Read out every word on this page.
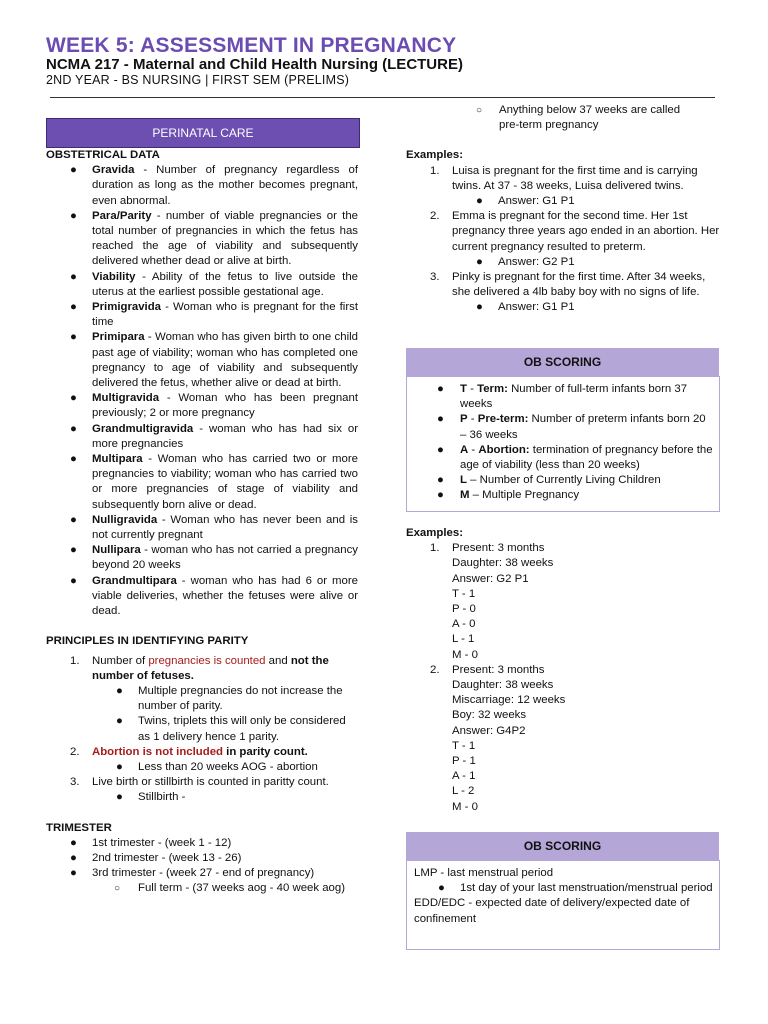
WEEK 5: ASSESSMENT IN PREGNANCY
NCMA 217 - Maternal and Child Health Nursing (LECTURE)
2ND YEAR - BS NURSING | FIRST SEM (PRELIMS)
PERINATAL CARE
OBSTETRICAL DATA
● Gravida - Number of pregnancy regardless of duration as long as the mother becomes pregnant, even abnormal.
● Para/Parity - number of viable pregnancies or the total number of pregnancies in which the fetus has reached the age of viability and subsequently delivered whether dead or alive at birth.
● Viability - Ability of the fetus to live outside the uterus at the earliest possible gestational age.
● Primigravida - Woman who is pregnant for the first time
● Primipara - Woman who has given birth to one child past age of viability; woman who has completed one pregnancy to age of viability and subsequently delivered the fetus, whether alive or dead at birth.
● Multigravida - Woman who has been pregnant previously; 2 or more pregnancy
● Grandmultigravida - woman who has had six or more pregnancies
● Multipara - Woman who has carried two or more pregnancies to viability; woman who has carried two or more pregnancies of stage of viability and subsequently born alive or dead.
● Nulligravida - Woman who has never been and is not currently pregnant
● Nullipara - woman who has not carried a pregnancy beyond 20 weeks
● Grandmultipara - woman who has had 6 or more viable deliveries, whether the fetuses were alive or dead.
PRINCIPLES IN IDENTIFYING PARITY
1. Number of pregnancies is counted and not the number of fetuses.
● Multiple pregnancies do not increase the number of parity.
● Twins, triplets this will only be considered as 1 delivery hence 1 parity.
2. Abortion is not included in parity count.
● Less than 20 weeks AOG - abortion
3. Live birth or stillbirth is counted in paritty count.
● Stillbirth -
TRIMESTER
● 1st trimester - (week 1 - 12)
● 2nd trimester - (week 13 - 26)
● 3rd trimester - (week 27 - end of pregnancy)
○ Full term - (37 weeks aog - 40 week aog)
○ Anything below 37 weeks are called
pre-term pregnancy
Examples:
1. Luisa is pregnant for the first time and is carrying twins. At 37 - 38 weeks, Luisa delivered twins.
● Answer: G1 P1
2. Emma is pregnant for the second time. Her 1st pregnancy three years ago ended in an abortion. Her current pregnancy resulted to preterm.
● Answer: G2 P1
3. Pinky is pregnant for the first time. After 34 weeks, she delivered a 4lb baby boy with no signs of life.
● Answer: G1 P1
OB SCORING
● T - Term: Number of full-term infants born 37 weeks
● P - Pre-term: Number of preterm infants born 20 – 36 weeks
● A - Abortion: termination of pregnancy before the age of viability (less than 20 weeks)
● L – Number of Currently Living Children
● M – Multiple Pregnancy
Examples:
1. Present: 3 months
Daughter: 38 weeks
Answer: G2 P1
T - 1
P - 0
A - 0
L - 1
M - 0
2. Present: 3 months
Daughter: 38 weeks
Miscarriage: 12 weeks
Boy: 32 weeks
Answer: G4P2
T - 1
P - 1
A - 1
L - 2
M - 0
OB SCORING
LMP - last menstrual period
● 1st day of your last menstruation/menstrual period
EDD/EDC - expected date of delivery/expected date of confinement
